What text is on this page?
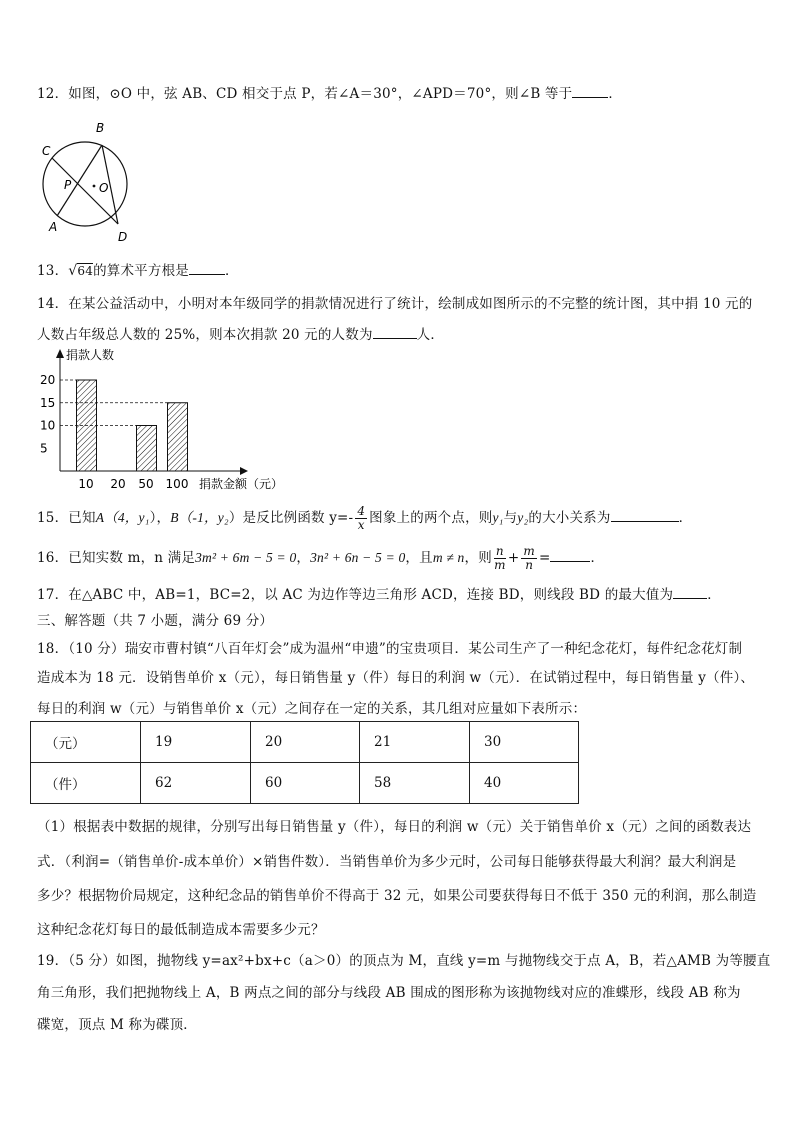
12．如图，⊙O 中，弦 AB、CD 相交于点 P，若∠A＝30°，∠APD＝70°，则∠B 等于	．
B
C
P O
A
D
13．√64的算术平方根是	．
14．在某公益活动中，小明对本年级同学的捐款情况进行了统计，绘制成如图所示的不完整的统计图，其中捐 10 元的
人数占年级总人数的 25%，则本次捐款 20 元的人数为	人．
捐款人数
5
10
15
20
10 20 50 100 捐款金额（元）
15．已知A（4，y₁），B（-1，y₂）是反比例函数 $y=- \frac{4}{x}$ 图象上的两个点，则y₁与y₂的大小关系为	．
16．已知实数 m，n 满足3m² + 6m − 5 = 0，3n² + 6n − 5 = 0，且m ≠ n，则 $\frac{n}{m} + \frac{m}{n}$ =	．
17．在△ABC 中，AB=1，BC=2，以 AC 为边作等边三角形 ACD，连接 BD，则线段 BD 的最大值为	．
三、解答题（共 7 小题，满分 69 分）
18．（10 分）瑞安市曹村镇“八百年灯会”成为温州“申遗”的宝贵项目．某公司生产了一种纪念花灯，每件纪念花灯制
造成本为 18 元．设销售单价 x（元），每日销售量 y（件）每日的利润 w（元）．在试销过程中，每日销售量 y（件）、
每日的利润 w（元）与销售单价 x（元）之间存在一定的关系，其几组对应量如下表所示：
（元）	19	20	21	30
（件）	62	60	58	40
（1）根据表中数据的规律，分别写出每日销售量 y（件），每日的利润 w（元）关于销售单价 x（元）之间的函数表达
式．（利润=（销售单价-成本单价）×销售件数）．当销售单价为多少元时，公司每日能够获得最大利润？最大利润是
多少？根据物价局规定，这种纪念品的销售单价不得高于 32 元，如果公司要获得每日不低于 350 元的利润，那么制造
这种纪念花灯每日的最低制造成本需要多少元？
19．（5 分）如图，抛物线 y=ax²+bx+c（a＞0）的顶点为 M，直线 y=m 与抛物线交于点 A，B，若△AMB 为等腰直
角三角形，我们把抛物线上 A，B 两点之间的部分与线段 AB 围成的图形称为该抛物线对应的准蝶形，线段 AB 称为
碟宽，顶点 M 称为碟顶．
